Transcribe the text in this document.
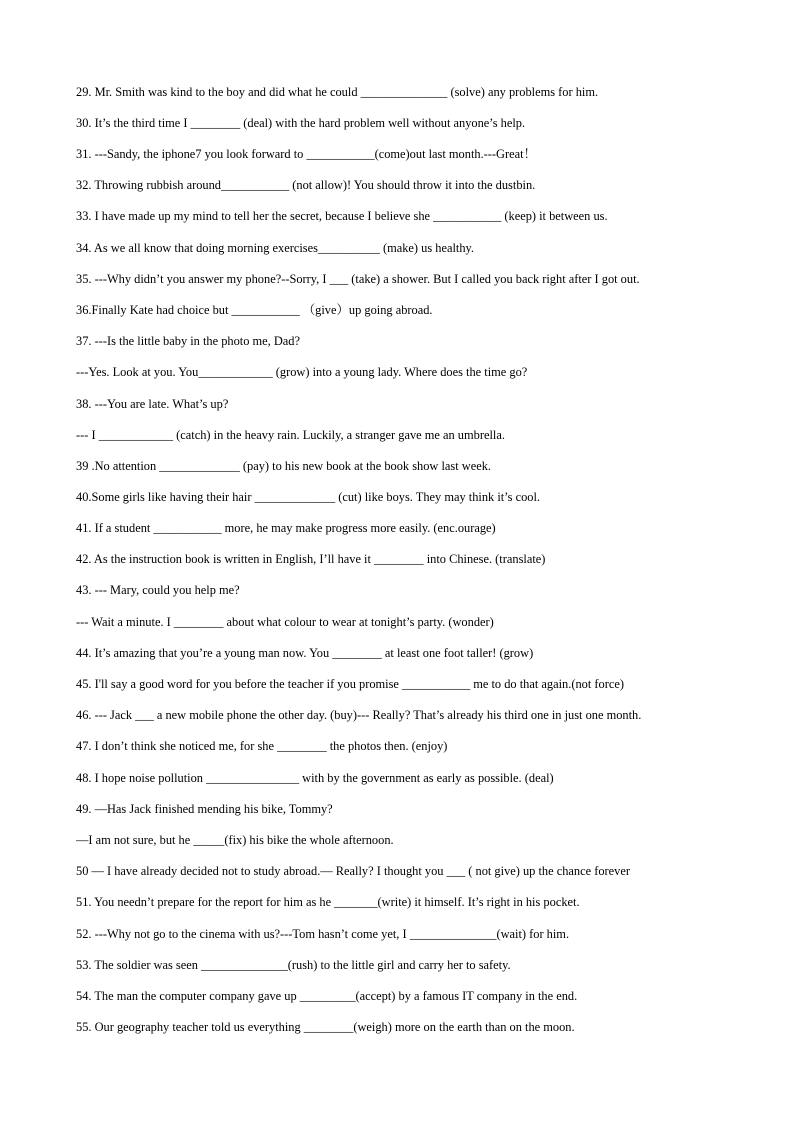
29. Mr. Smith was kind to the boy and did what he could ______________ (solve) any problems for him.
30. It’s the third time I ________ (deal) with the hard problem well without anyone’s help.
31. ---Sandy, the iphone7 you look forward to ___________(come)out last month.---Great！
32. Throwing rubbish around___________ (not allow)! You should throw it into the dustbin.
33. I have made up my mind to tell her the secret, because I believe she ___________ (keep) it between us.
34. As we all know that doing morning exercises__________ (make) us healthy.
35. ---Why didn’t you answer my phone?--Sorry, I ___ (take) a shower. But I called you back right after I got out.
36.Finally Kate had choice but ___________ （give）up going abroad.
37. ---Is the little baby in the photo me, Dad?
---Yes. Look at you. You____________ (grow) into a young lady. Where does the time go?
38. ---You are late. What’s up?
--- I ____________ (catch) in the heavy rain. Luckily, a stranger gave me an umbrella.
39 .No attention _____________ (pay) to his new book at the book show last week.
40.Some girls like having their hair _____________ (cut) like boys. They may think it’s cool.
41. If a student ___________ more, he may make progress more easily. (enc.ourage)
42. As the instruction book is written in English, I’ll have it ________ into Chinese. (translate)
43. --- Mary, could you help me?
--- Wait a minute. I ________ about what colour to wear at tonight’s party. (wonder)
44. It’s amazing that you’re a young man now. You ________ at least one foot taller! (grow)
45. I'll say a good word for you before the teacher if you promise ___________ me to do that again.(not force)
46. --- Jack ___ a new mobile phone the other day. (buy)--- Really? That’s already his third one in just one month.
47. I don’t think she noticed me, for she ________ the photos then. (enjoy)
48. I hope noise pollution _______________ with by the government as early as possible. (deal)
49. —Has Jack finished mending his bike, Tommy?
—I am not sure, but he _____(fix) his bike the whole afternoon.
50 — I have already decided not to study abroad.— Really? I thought you ___ ( not give) up the chance forever
51. You needn’t prepare for the report for him as he _______(write) it himself. It’s right in his pocket.
52. ---Why not go to the cinema with us?---Tom hasn’t come yet, I ______________(wait) for him.
53. The soldier was seen ______________(rush) to the little girl and carry her to safety.
54. The man the computer company gave up _________(accept) by a famous IT company in the end.
55. Our geography teacher told us everything ________(weigh) more on the earth than on the moon.
